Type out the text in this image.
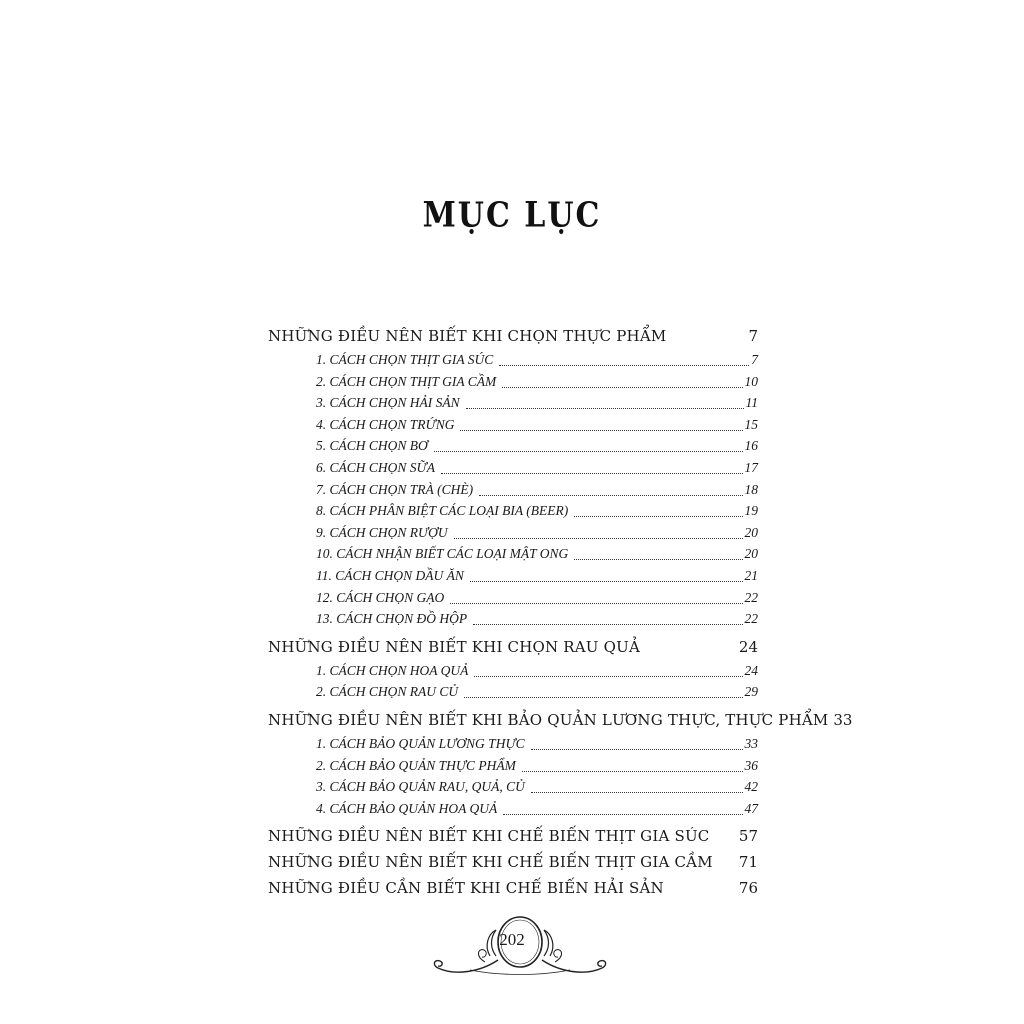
MỤC LỤC
NHỮNG ĐIỀU NÊN BIẾT KHI CHỌN THỰC PHẨM	7
1. CÁCH CHỌN THỊT GIA SÚC	7
2. CÁCH CHỌN THỊT GIA CẦM	10
3. CÁCH CHỌN HẢI SẢN	11
4. CÁCH CHỌN TRỨNG	15
5. CÁCH CHỌN BƠ	16
6. CÁCH CHỌN SỮA	17
7. CÁCH CHỌN TRÀ (CHÈ)	18
8. CÁCH PHÂN BIỆT CÁC LOẠI BIA (BEER)	19
9. CÁCH CHỌN RƯỢU	20
10. CÁCH NHẬN BIẾT CÁC LOẠI MẬT ONG	20
11. CÁCH CHỌN DẦU ĂN	21
12. CÁCH CHỌN GẠO	22
13. CÁCH CHỌN ĐỒ HỘP	22
NHỮNG ĐIỀU NÊN BIẾT KHI CHỌN RAU QUẢ	24
1. CÁCH CHỌN HOA QUẢ	24
2. CÁCH CHỌN RAU CỦ	29
NHỮNG ĐIỀU NÊN BIẾT KHI BẢO QUẢN LƯƠNG THỰC, THỰC PHẨM 33
1. CÁCH BẢO QUẢN LƯƠNG THỰC	33
2. CÁCH BẢO QUẢN THỰC PHẨM	36
3. CÁCH BẢO QUẢN RAU, QUẢ, CỦ	42
4. CÁCH BẢO QUẢN HOA QUẢ	47
NHỮNG ĐIỀU NÊN BIẾT KHI CHẾ BIẾN THỊT GIA SÚC	57
NHỮNG ĐIỀU NÊN BIẾT KHI CHẾ BIẾN THỊT GIA CẦM	71
NHỮNG ĐIỀU CẦN BIẾT KHI CHẾ BIẾN HẢI SẢN	76
202
